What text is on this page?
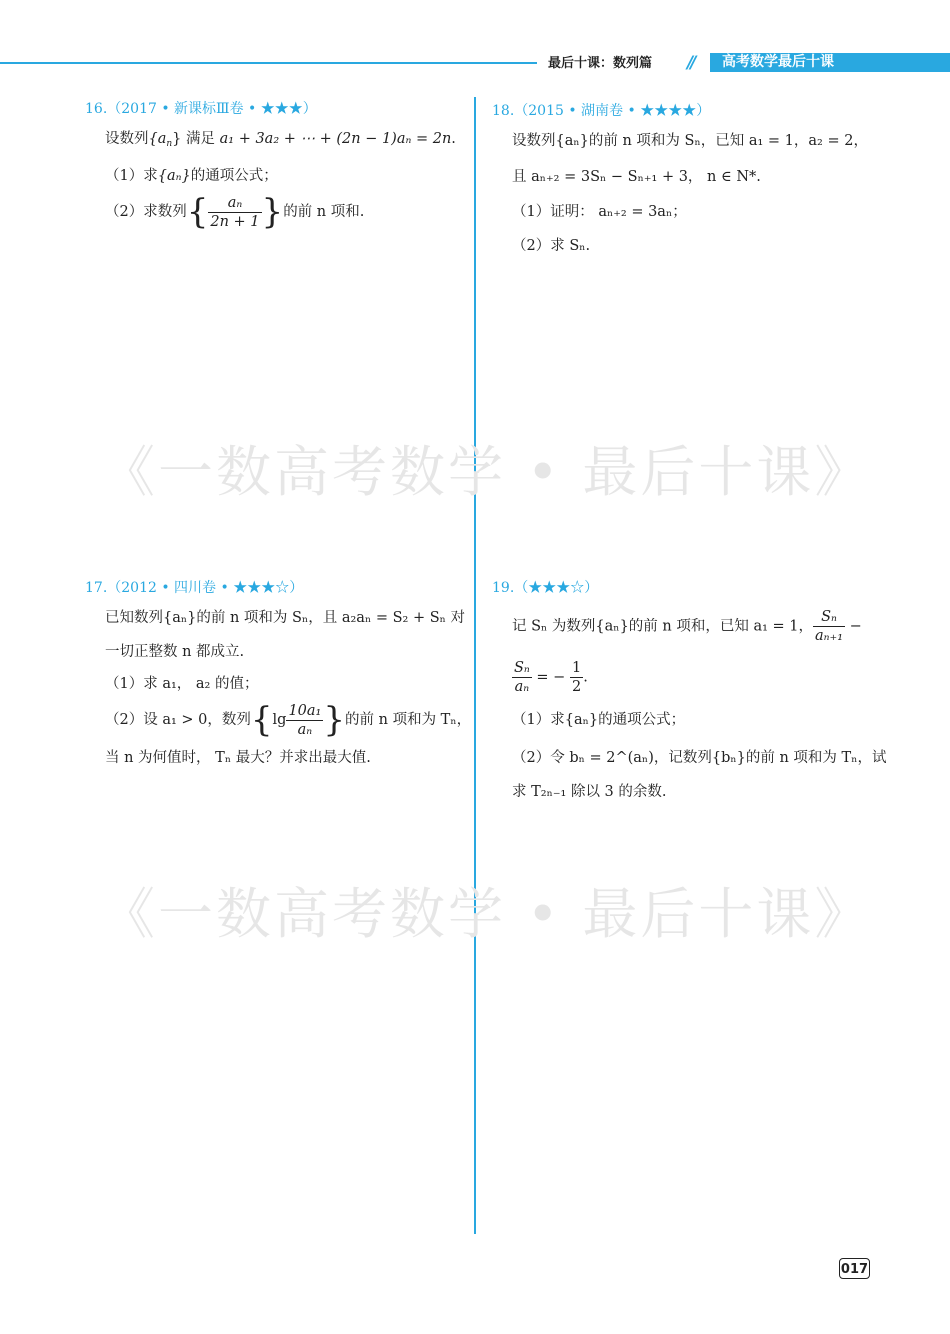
最后十课：数列篇 //	高考数学最后十课
《一数高考数学 • 最后十课》
《一数高考数学 • 最后十课》
16.（2017 • 新课标Ⅲ卷 • ★★★）
设数列$\{a_n\}$ 满足 a₁ + 3a₂ + ⋯ + (2n − 1)aₙ = 2n.
（1）求{aₙ}的通项公式；
（2）求数列{ $\frac{\text{aₙ}}{2n + 1}$ }的前 n 项和.
17.（2012 • 四川卷 • ★★★☆）
已知数列{aₙ}的前 n 项和为 Sₙ，且 a₂aₙ = S₂ + Sₙ 对
一切正整数 n 都成立.
（1）求 a₁， a₂ 的值；
（2）设 a₁ > 0，数列{$\lg \frac{\text{10a₁}}{\text{aₙ}}$ }的前 n 项和为 Tₙ，
当 n 为何值时， Tₙ 最大？并求出最大值.
18.（2015 • 湖南卷 • ★★★★）
设数列{aₙ}的前 n 项和为 Sₙ，已知 a₁ = 1，a₂ = 2，
且 aₙ₊₂ = 3Sₙ − Sₙ₊₁ + 3， n ∈ N*.
（1）证明： aₙ₊₂ = 3aₙ；
（2）求 Sₙ.
19.（★★★☆）
记 Sₙ 为数列{aₙ}的前 n 项和，已知 a₁ = 1， $\frac{\text{Sₙ}}{\text{aₙ₊₁}}$ −
$\frac{\text{Sₙ}}{\text{aₙ}}$ = − $\frac{1}{2}$ .
（1）求{aₙ}的通项公式；
（2）令 bₙ = 2^(aₙ)，记数列{bₙ}的前 n 项和为 Tₙ，试
求 T₂ₙ₋₁ 除以 3 的余数.
017
